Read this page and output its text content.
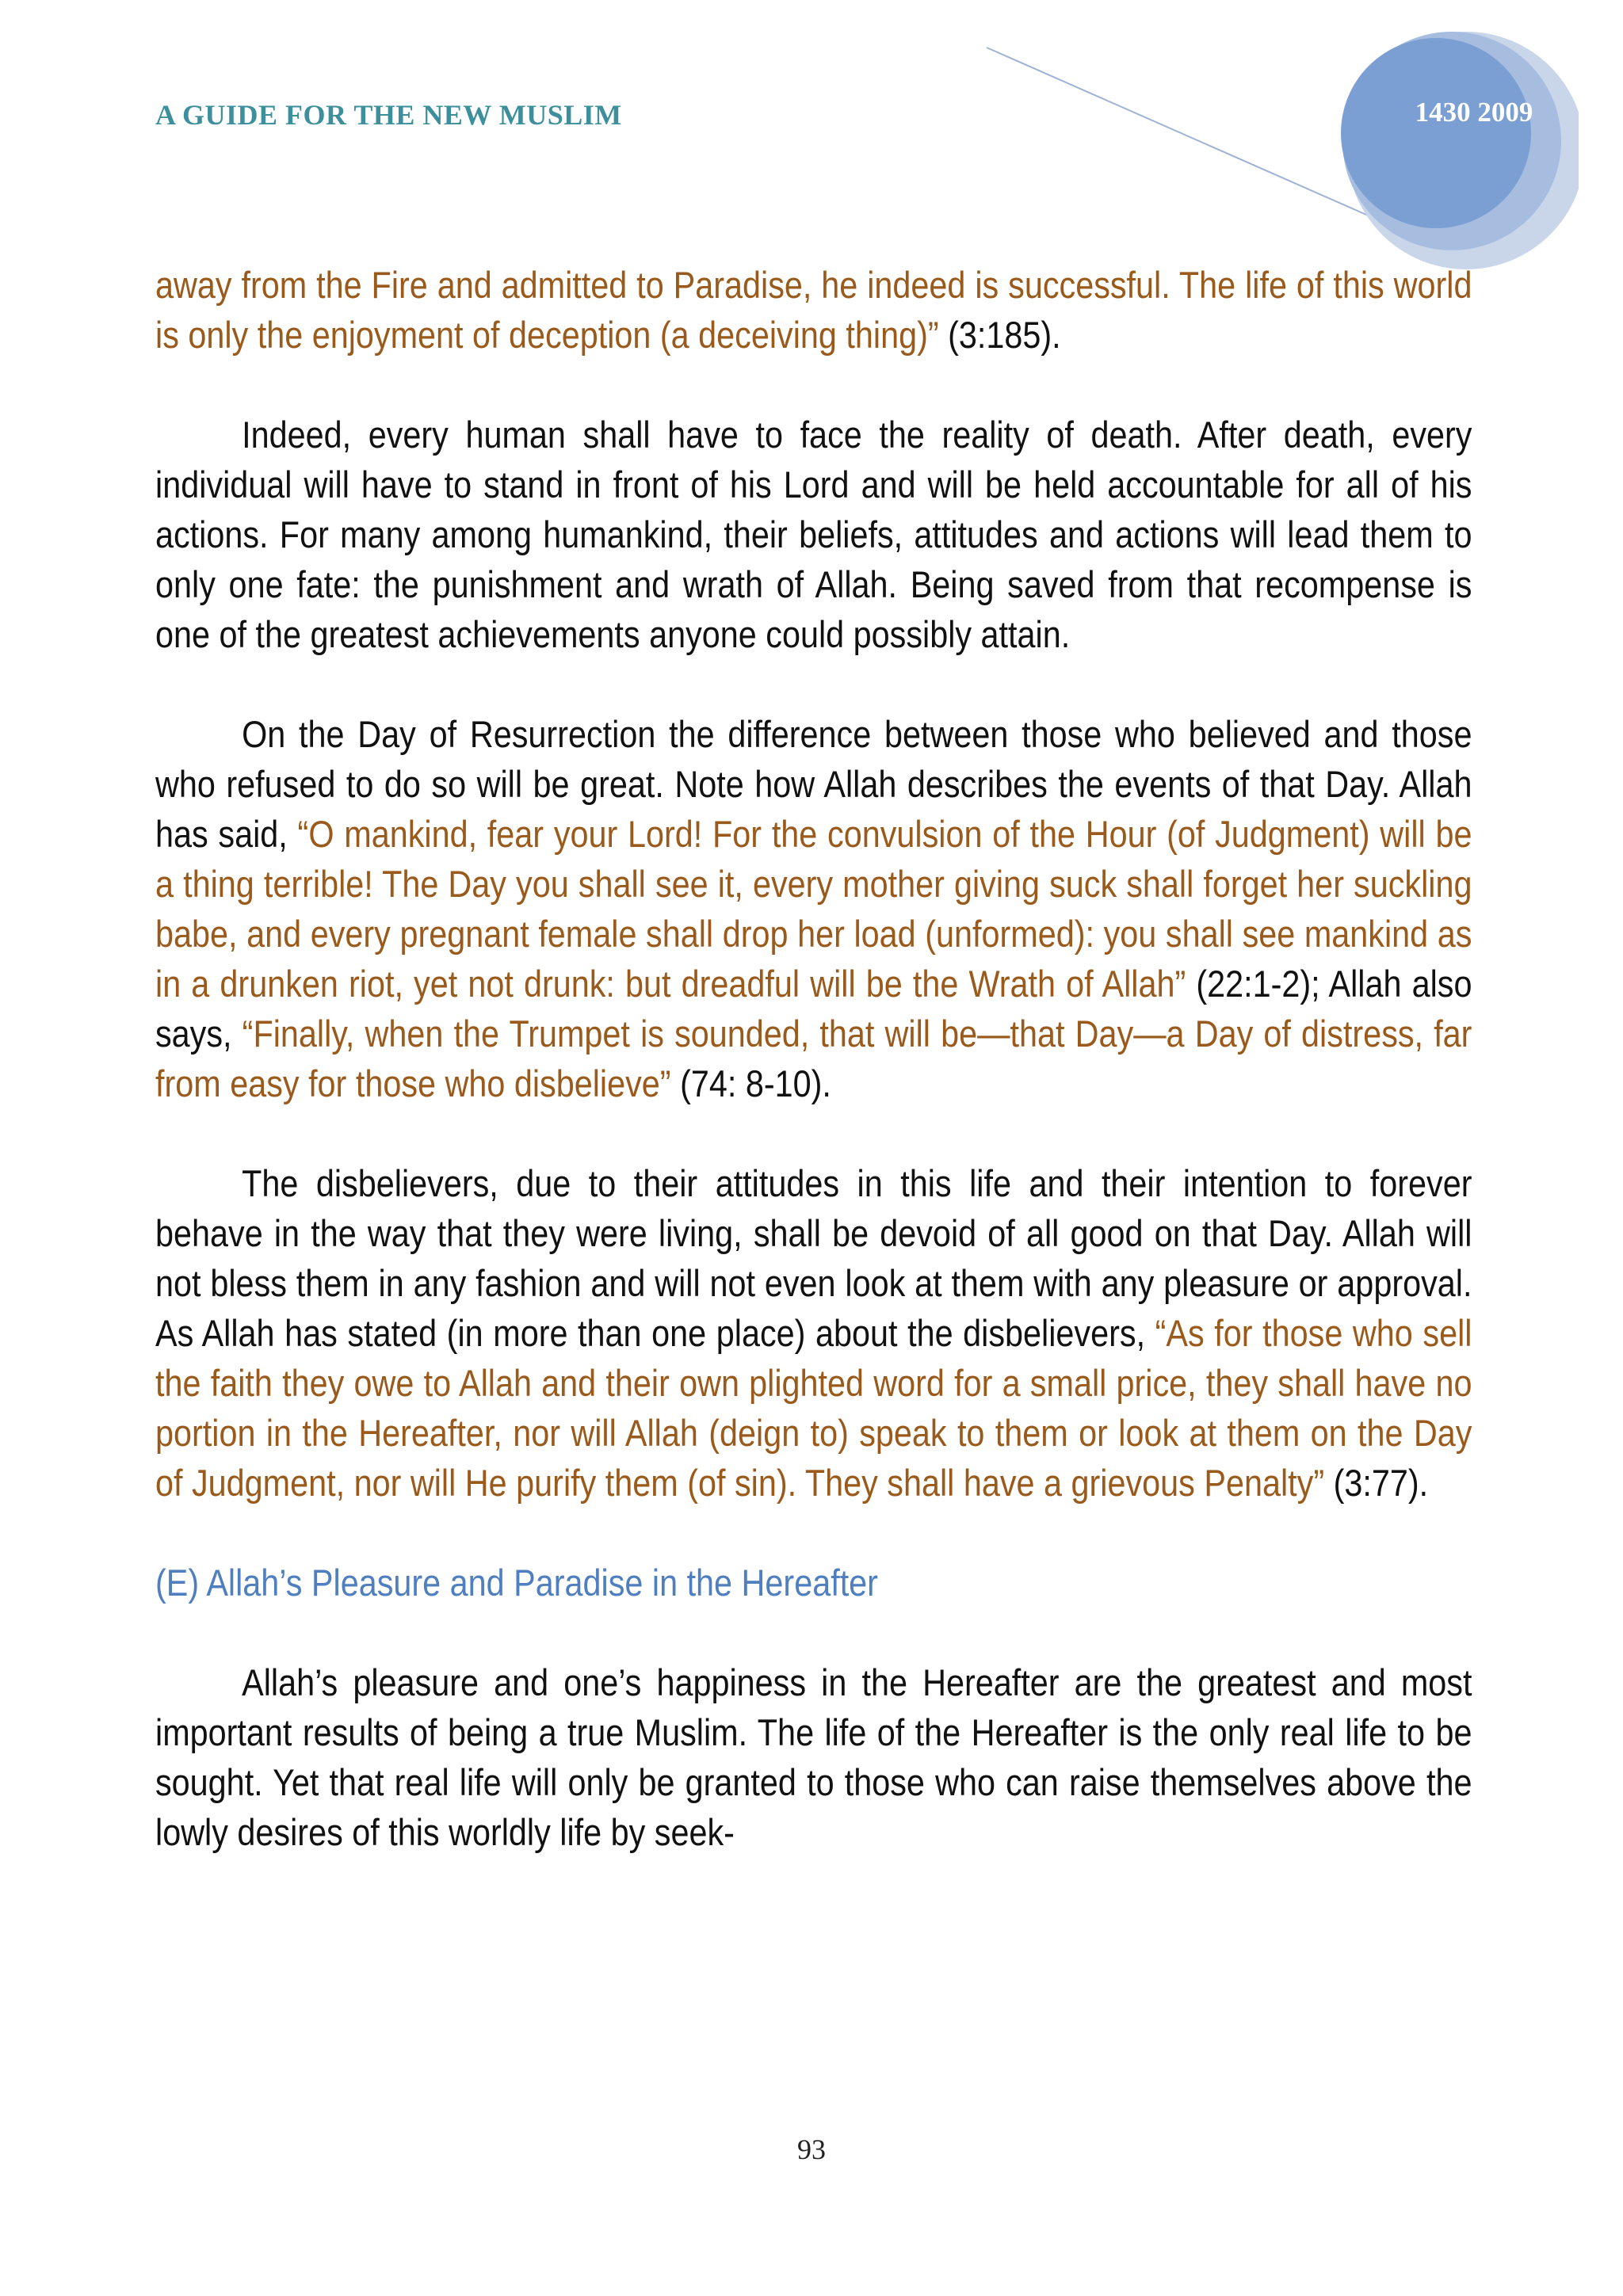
A GUIDE FOR THE NEW MUSLIM	1430 2009

away from the Fire and admitted to Paradise, he indeed is successful. The life of this world is only the enjoyment of deception (a deceiving thing)” (3:185).

Indeed, every human shall have to face the reality of death. After death, every individual will have to stand in front of his Lord and will be held accountable for all of his actions. For many among humankind, their beliefs, attitudes and actions will lead them to only one fate: the punishment and wrath of Allah. Being saved from that recompense is one of the greatest achievements anyone could possibly attain.

On the Day of Resurrection the difference between those who believed and those who refused to do so will be great. Note how Allah describes the events of that Day. Allah has said, “O mankind, fear your Lord! For the convulsion of the Hour (of Judgment) will be a thing terrible! The Day you shall see it, every mother giving suck shall forget her suckling babe, and every pregnant female shall drop her load (unformed): you shall see mankind as in a drunken riot, yet not drunk: but dreadful will be the Wrath of Allah” (22:1-2); Allah also says, “Finally, when the Trumpet is sounded, that will be—that Day—a Day of distress, far from easy for those who disbelieve” (74: 8-10).

The disbelievers, due to their attitudes in this life and their intention to forever behave in the way that they were living, shall be devoid of all good on that Day. Allah will not bless them in any fashion and will not even look at them with any pleasure or approval. As Allah has stated (in more than one place) about the disbelievers, “As for those who sell the faith they owe to Allah and their own plighted word for a small price, they shall have no portion in the Hereafter, nor will Allah (deign to) speak to them or look at them on the Day of Judgment, nor will He purify them (of sin). They shall have a grievous Penalty” (3:77).

(E) Allah’s Pleasure and Paradise in the Hereafter

Allah’s pleasure and one’s happiness in the Hereafter are the greatest and most important results of being a true Muslim. The life of the Hereafter is the only real life to be sought. Yet that real life will only be granted to those who can raise themselves above the lowly desires of this worldly life by seek-

93
